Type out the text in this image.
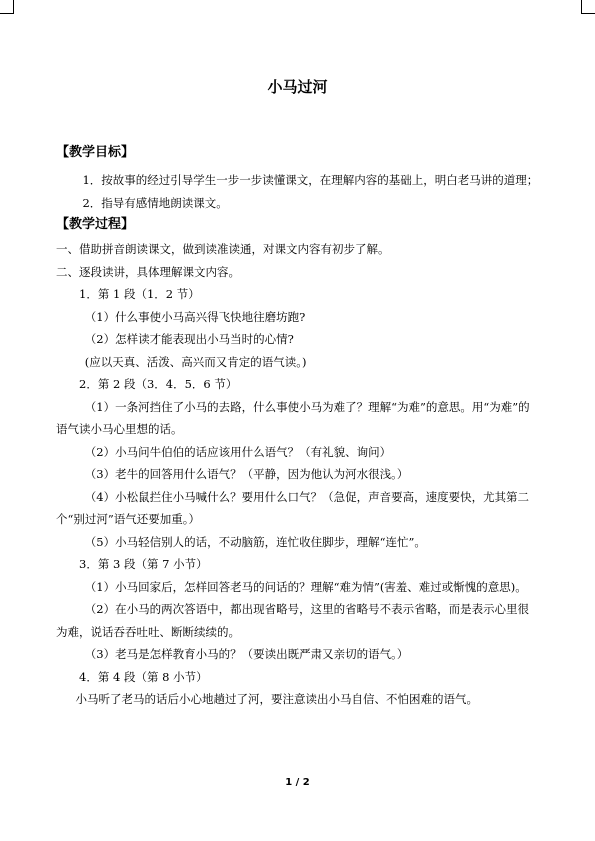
小马过河

【教学目标】

1．按故事的经过引导学生一步一步读懂课文，在理解内容的基础上，明白老马讲的道理；

2．指导有感情地朗读课文。

【教学过程】

一、借助拼音朗读课文，做到读准读通，对课文内容有初步了解。

二、逐段读讲，具体理解课文内容。

1．第 1 段（1．2 节）

（1）什么事使小马高兴得飞快地往磨坊跑?

（2）怎样读才能表现出小马当时的心情?

(应以天真、活泼、高兴而又肯定的语气读。)

2．第 2 段（3．4．5．6 节）

（1）一条河挡住了小马的去路，什么事使小马为难了？理解“为难”的意思。用“为难”的语气读小马心里想的话。

（2）小马问牛伯伯的话应该用什么语气？（有礼貌、询问）

（3）老牛的回答用什么语气？（平静，因为他认为河水很浅。）

（4）小松鼠拦住小马喊什么？要用什么口气？（急促，声音要高，速度要快，尤其第二个“别过河”语气还要加重。）

（5）小马轻信别人的话，不动脑筋，连忙收住脚步，理解“连忙”。

3．第 3 段（第 7 小节）

（1）小马回家后，怎样回答老马的问话的？理解“难为情”(害羞、难过或惭愧的意思)。

（2）在小马的两次答语中，都出现省略号，这里的省略号不表示省略，而是表示心里很为难，说话吞吞吐吐、断断续续的。

（3）老马是怎样教育小马的？（要读出既严肃又亲切的语气。）

4．第 4 段（第 8 小节）

小马听了老马的话后小心地趟过了河，要注意读出小马自信、不怕困难的语气。

1 / 2
